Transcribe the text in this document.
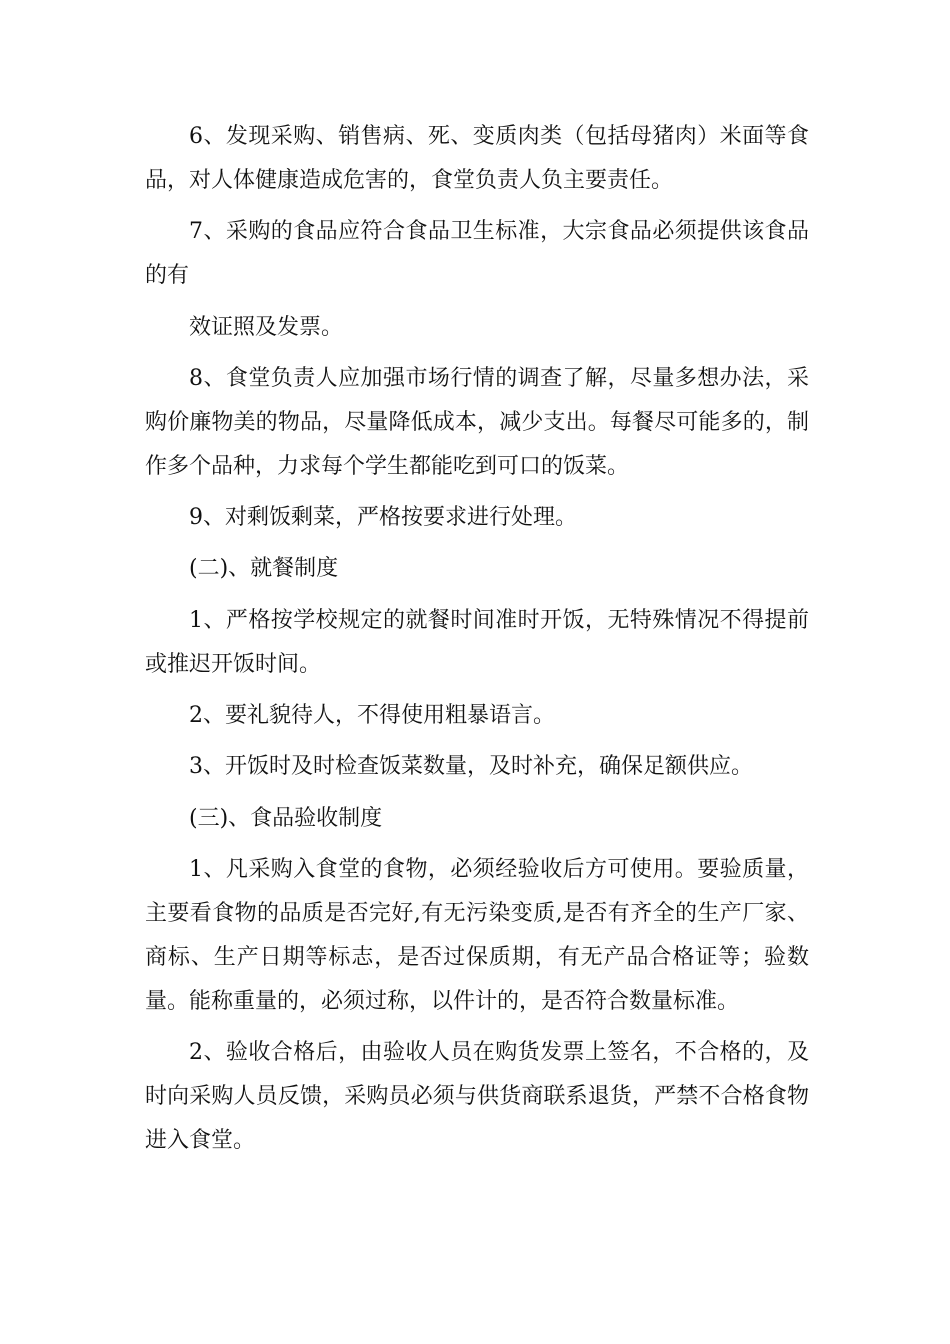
6、发现采购、销售病、死、变质肉类（包括母猪肉）米面等食品，对人体健康造成危害的，食堂负责人负主要责任。

7、采购的食品应符合食品卫生标准，大宗食品必须提供该食品的有

效证照及发票。

8、食堂负责人应加强市场行情的调查了解，尽量多想办法，采购价廉物美的物品，尽量降低成本，减少支出。每餐尽可能多的，制作多个品种，力求每个学生都能吃到可口的饭菜。

9、对剩饭剩菜，严格按要求进行处理。

(二)、就餐制度

1、严格按学校规定的就餐时间准时开饭，无特殊情况不得提前或推迟开饭时间。

2、要礼貌待人，不得使用粗暴语言。

3、开饭时及时检查饭菜数量，及时补充，确保足额供应。

(三)、食品验收制度

1、凡采购入食堂的食物，必须经验收后方可使用。要验质量，主要看食物的品质是否完好,有无污染变质,是否有齐全的生产厂家、商标、生产日期等标志，是否过保质期，有无产品合格证等；验数量。能称重量的，必须过称，以件计的，是否符合数量标准。

2、验收合格后，由验收人员在购货发票上签名，不合格的，及时向采购人员反馈，采购员必须与供货商联系退货，严禁不合格食物进入食堂。
